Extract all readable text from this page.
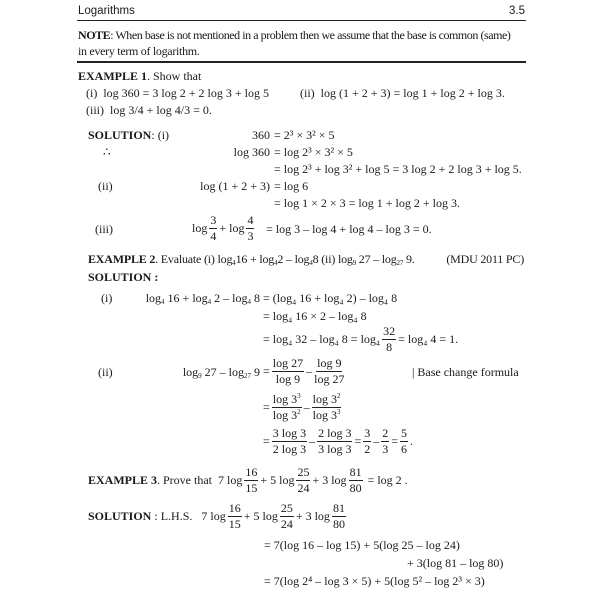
Logarithms	3.5
NOTE: When base is not mentioned in a problem then we assume that the base is common (same)
in every term of logarithm.
EXAMPLE 1. Show that
(i) log 360 = 3 log 2 + 2 log 3 + log 5	(ii) log (1 + 2 + 3) = log 1 + log 2 + log 3.
(iii) log 3/4 + log 4/3 = 0.
SOLUTION: (i)	360 = 2³ × 3² × 5
∴	log 360 = log 2³ × 3² × 5
= log 2³ + log 3² + log 5 = 3 log 2 + 2 log 3 + log 5.
(ii)	log (1 + 2 + 3) = log 6
= log 1 × 2 × 3 = log 1 + log 2 + log 3.
(iii)	$\log \frac{3}{4} + \log \frac{4}{3} = \log 3 - \log 4 + \log 4 - \log 3 = 0$.
EXAMPLE 2. Evaluate (i) $\log_416 + \log_42 - \log_48$ (ii) $\log_9 27 - \log_{27} 9$.	(MDU 2011 PC)
SOLUTION :
(i)	$\log_4 16 + \log_4 2 - \log_4 8 = (\log_4$ 16 + log₄ 2) – log₄ 8
= log₄ 16 × 2 – log₄ 8
= log₄ 32 – log₄ $8 = \log_4 \frac{32}{8} = \log_4$ 4 = 1.
(ii)	$\log_9 27 - \log_{27} 9 = \frac{\log 27}{\log 9} - \frac{\log 9}{\log 27}$	| Base change formula
= $\frac{\log 3^3}{\log 3^2} - \frac{\log 3^2}{\log 3^3}$
= $\frac{3 \log 3}{2 \log 3} - \frac{2 \log 3}{3 \log 3} = \frac{3}{2} - \frac{2}{3} = \frac{5}{6}$ .
EXAMPLE 3 . Prove that 7 $\log \frac{16}{15} + 5$ $\log \frac{25}{24} + 3$ $\log \frac{81}{80}$
= log 2 .
SOLUTION
: L.H.S. 7 $\log \frac{16}{15} + 5$ $\log \frac{25}{24} + 3$ $\log \frac{81}{80}$
= 7(log 16 – log 15) + 5(log 25 – log 24)
+ 3(log 81 – log 80)
= 7(log 2⁴ – log 3 × 5) + 5(log 5² – log 2³ × 3)
